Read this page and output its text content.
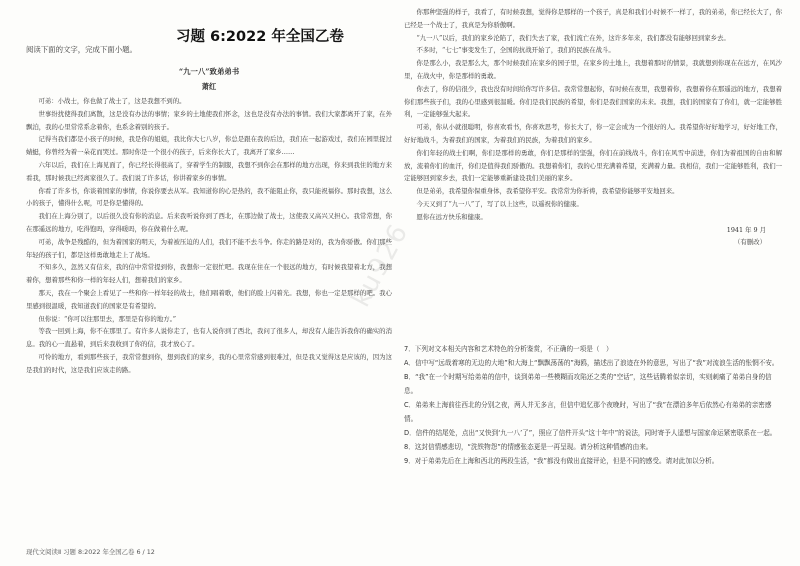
习题 6:2022 年全国乙卷
阅读下面的文字，完成下面小题。
“九一八”致弟弟书
萧红

可弟：小战士，你也做了战士了，这是我想不到的。

世事纷扰使得我们离散，这是没有办法的事情；家乡的土地使我们怀念，这也是没有办法的事情。我们大家都离开了家，在外飘泊，我的心里常常系念着你，也系念着别的孩子。

记得当我们都是小孩子的时候，我是你的姐姐，我比你大七八岁，你总是跟在我的后边，我们在一起游戏过，我们在园里捉过蜻蜓，你曾经为着一朵花而哭过。那时你是一个很小的孩子，后来你长大了，我离开了家乡……

六年以后，我们在上海见面了，你已经长得很高了，穿着学生的制服，我想不到你会在那样的地方出现，你来到我住的地方来看我，那时候我已经离家很久了。我们说了许多话，你讲着家乡的事情。

你看了许多书，你谈着国家的事情，你说你要去从军。我知道你的心是热的，我不能阻止你，我只能祝福你。那时我想，这么小的孩子，懂得什么呢，可是你是懂得的。

我们在上海分别了，以后很久没有你的消息。后来我听说你到了西北，在那边做了战士，这使我又高兴又担心。我常常想，你在那遥远的地方，吃得饱吗，穿得暖吗，你在做着什么呢。

可弟，战争是残酷的，但为着国家的明天，为着被压迫的人们，我们不能不去斗争。你走的路是对的，我为你骄傲。你们那些年轻的孩子们，都是这样勇敢地走上了战场。

不知多久，忽然又有信来，我的信中常常提到你，我想你一定很忙吧。我现在住在一个很远的地方，有时候我望着北方，我想着你，想着那些和你一样的年轻人们，想着我们的家乡。

那天，我在一个聚会上看见了一些和你一样年轻的战士，他们唱着歌，他们的脸上闪着光。我想，你也一定是那样的吧。我心里感到很温暖，我知道我们的国家是有希望的。

但你说：“你可以往那里去，那里是有你的地方。”

等我一回到上海，你不在那里了。有许多人说你走了，也有人说你到了西北，我问了很多人，却没有人能告诉我你的确实的消息。我的心一直悬着，到后来我收到了你的信，我才放心了。

可怜的地方，看到那些孩子，我常常想到你，想到我们的家乡，我的心里常常感到很难过，但是我又觉得这是应该的，因为这是我们的时代，这是我们应该走的路。

现代文阅读Ⅱ 习题 8:2022 年全国乙卷 6 / 12

你那种坚强的样子，我看了，有时候我想，觉得你是那样的一个孩子，真是和我们小时候不一样了，我的弟弟，你已经长大了，你已经是一个战士了，我真是为你骄傲啊。

“九一八”以后，我们的家乡沦陷了，我们失去了家，我们流亡在外，这许多年来，我们都没有能够回到家乡去。

不多时，“七七”事变发生了，全国的抗战开始了，我们的民族在战斗。

你是那么小，我是那么大，那个时候我们在家乡的园子里，在家乡的土地上，我想着那时的情景，我就想到你现在在远方，在风沙里，在战火中，你是那样的勇敢。

你去了，你的信很少，我也没有时间给你写许多信。我常常想起你，有时候在夜里，我想着你，我想着你在那遥远的地方，我想着你们那些孩子们，我的心里感到很温暖。你们是我们民族的希望，你们是我们国家的未来。我想，我们的国家有了你们，就一定能够胜利，一定能够强大起来。

可弟，你从小就很聪明，你喜欢看书，你喜欢思考，你长大了，你一定会成为一个很好的人。我希望你好好地学习，好好地工作，好好地战斗，为着我们的国家，为着我们的民族，为着我们的家乡。

你们年轻的战士们啊，你们是那样的勇敢，你们是那样的坚强，你们在前线战斗，你们在风雪中前进，你们为着祖国的自由和解放，流着你们的血汗，你们是值得我们骄傲的。我想着你们，我的心里充满着希望，充满着力量。我相信，我们一定能够胜利，我们一定能够回到家乡去，我们一定能够重新建设我们美丽的家乡。

但是弟弟，我希望你保重身体，我希望你平安。我常常为你祈祷，我希望你能够平安地回来。

今天又到了“九一八”了，写了以上这些，以遥祝你的健康。

愿你在远方快乐和健康。

1941 年 9 月
（有删改）

7．下列对文本相关内容和艺术特色的分析鉴赏，不正确的一项是（　）

A．信中写“远哉着寒的无边的大地”和大海上“飘飘荡荡的”海鸥，描述出了浪迹在外的意思，写出了“我”对流浪生活的怅惘不安。

B．“我”在一个时期写给弟弟的信中，谈到弟弟一些模糊而攻陷还之类的“空话”，这些话腾着似亲切，实则刺痛了弟弟自身的信息。

C．弟弟来上海前往西北的分别之夜，两人并无多言，但信中追忆那个夜晚时，写出了“我”在漂泊多年后依然心有弟弟的亲密感情。

D．信件的结尾处，点出“又快到‘九一八’了”，照应了信件开头“这十年中”的说法，同时寄予人遥想与国家命运紧密联系在一起。

8．这封信情感悲切，“洗铁物怨”的情感张态更是一再呈现。请分析这种情感的由来。

9．对于弟弟先后在上海和西北的两段生活，“我”都没有做出直接评论，但是不同的感受。请对此加以分析。

ku926
